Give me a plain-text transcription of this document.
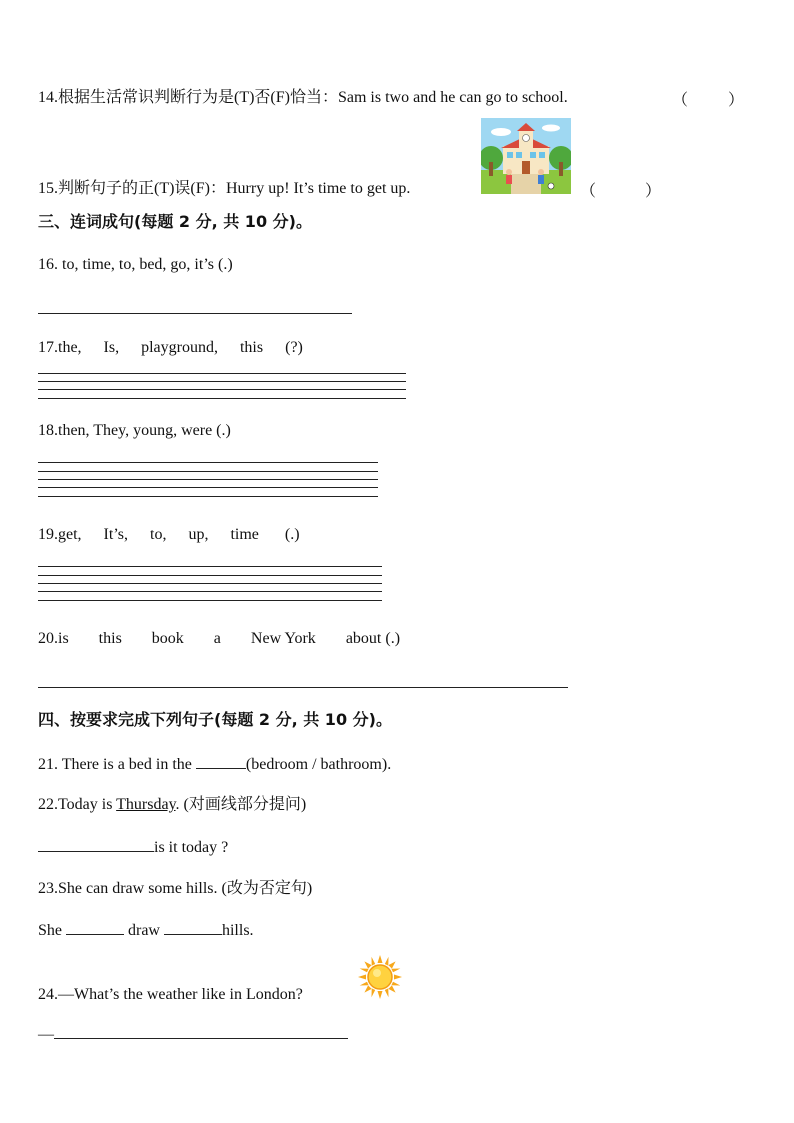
14.根据生活常识判断行为是(T)否(F)恰当：Sam is two and he can go to school.	（ ）
15.判断句子的正(T)误(F)：Hurry up! It’s time to get up.	（	）
三、连词成句(每题 2 分, 共 10 分)。
16. to, time, to, bed, go, it’s (.)
17.the, Is, playground, this (?)
18.then, They, young, were (.)
19.get, It’s, to, up, time (.)
20.is this book a New York about (.)
四、按要求完成下列句子(每题 2 分, 共 10 分)。
21. There is a bed in the	(bedroom / bathroom).
22.Today is Thursday. (对画线部分提问)
is it today ?
23.She can draw some hills. (改为否定句)
She	draw	hills.
24.—What’s the weather like in London?
—
